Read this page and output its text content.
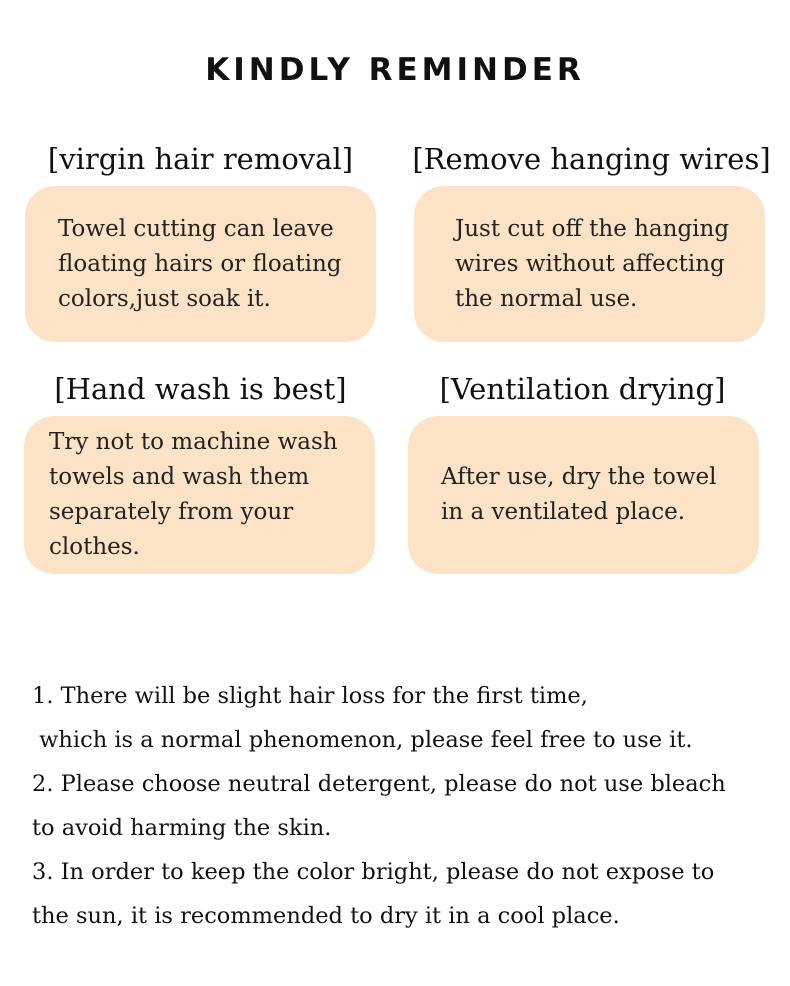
KINDLY REMINDER
[virgin hair removal]
Towel cutting can leave floating hairs or floating colors,just soak it.
[Remove hanging wires]
Just cut off the hanging wires without affecting the normal use.
[Hand wash is best]
Try not to machine wash towels and wash them separately from your clothes.
[Ventilation drying]
After use, dry the towel in a ventilated place.
1. There will be slight hair loss for the first time,
which is a normal phenomenon, please feel free to use it.
2. Please choose neutral detergent, please do not use bleach
to avoid harming the skin.
3. In order to keep the color bright, please do not expose to
the sun, it is recommended to dry it in a cool place.
